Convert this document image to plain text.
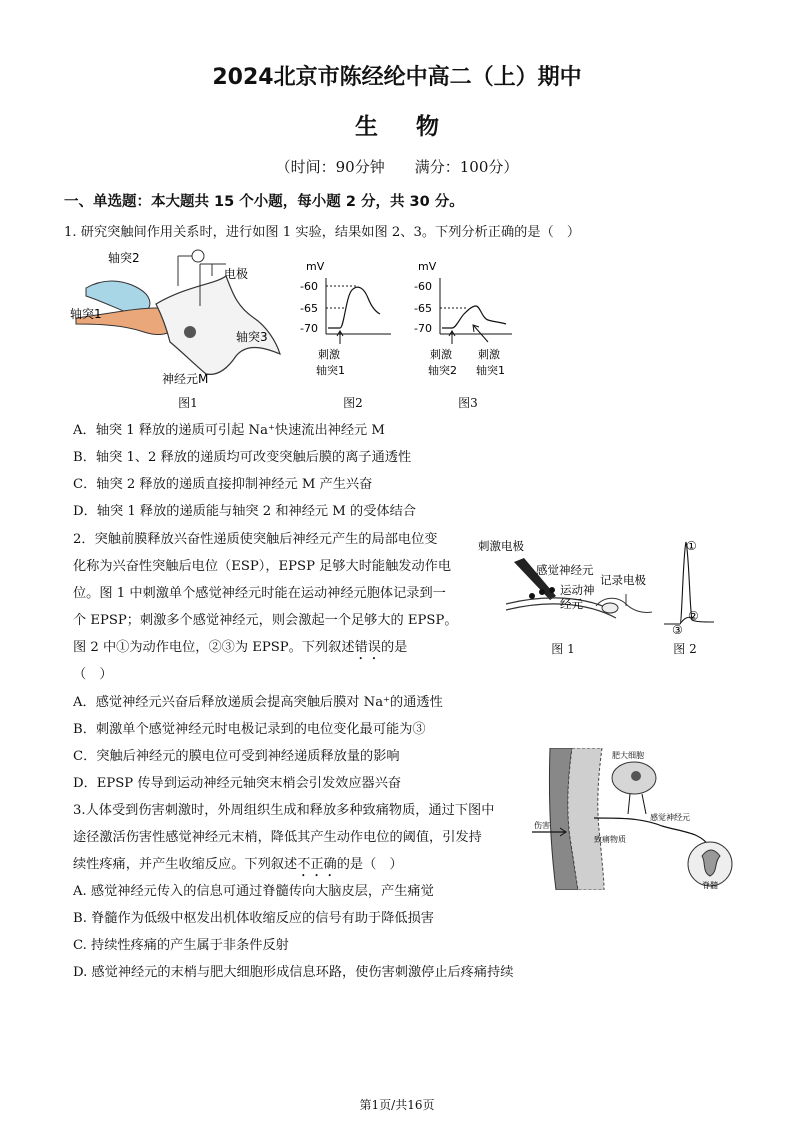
2024北京市陈经纶中高二（上）期中
生物
（时间：90分钟　　满分：100分）
一、单选题：本大题共 15 个小题，每小题 2 分，共 30 分。
1. 研究突触间作用关系时，进行如图 1 实验，结果如图 2、3。下列分析正确的是（　）
轴突2
电极
轴突1
轴突3
神经元M
图1
mV
-60
-65
-70
刺激
轴突1
图2
mV
-60
-65
-70
刺激
轴突2
刺激
轴突1
图3
A．轴突 1 释放的递质可引起 Na⁺快速流出神经元 M
B．轴突 1、2 释放的递质均可改变突触后膜的离子通透性
C．轴突 2 释放的递质直接抑制神经元 M 产生兴奋
D．轴突 1 释放的递质能与轴突 2 和神经元 M 的受体结合
2．突触前膜释放兴奋性递质使突触后神经元产生的局部电位变
化称为兴奋性突触后电位（ESP），EPSP 足够大时能触发动作电
位。图 1 中刺激单个感觉神经元时能在运动神经元胞体记录到一
个 EPSP；刺激多个感觉神经元，则会激起一个足够大的 EPSP。
图 2 中①为动作电位，②③为 EPSP。下列叙述错误的是
（　）
刺激电极
感觉神经元
运动神
经元
记录电极
图 1
①
②
③
图 2
A．感觉神经元兴奋后释放递质会提高突触后膜对 Na⁺的通透性
B．刺激单个感觉神经元时电极记录到的电位变化最可能为③
C．突触后神经元的膜电位可受到神经递质释放量的影响
D．EPSP 传导到运动神经元轴突末梢会引发效应器兴奋
3.人体受到伤害刺激时，外周组织生成和释放多种致痛物质，通过下图中
途径激活伤害性感觉神经元末梢，降低其产生动作电位的阈值，引发持
续性疼痛，并产生收缩反应。下列叙述不正确的是（　）
肥大细胞
致痛物质
感觉神经元
伤害
脊髓
A. 感觉神经元传入的信息可通过脊髓传向大脑皮层，产生痛觉
B. 脊髓作为低级中枢发出机体收缩反应的信号有助于降低损害
C. 持续性疼痛的产生属于非条件反射
D. 感觉神经元的末梢与肥大细胞形成信息环路，使伤害刺激停止后疼痛持续
第1页/共16页
